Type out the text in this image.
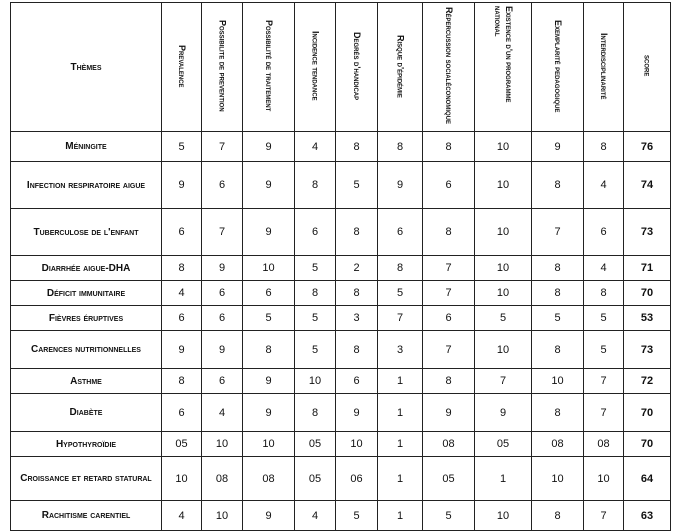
Thèmes	Prevalence	Possibilite de prevention	Possibilité de traitement	Incidence tendance	Degrés d'handicap	Risque d'épidémie	Répercussion socialéconomique	Existence d'un programme national	Exemplarité pedagogique	Interdisciplinarité	score
Méningite	5	7	9	4	8	8	8	10	9	8	76
Infection respiratoire aigue	9	6	9	8	5	9	6	10	8	4	74
Tuberculose de l'enfant	6	7	9	6	8	6	8	10	7	6	73
Diarrhée aigue-DHA	8	9	10	5	2	8	7	10	8	4	71
Déficit immunitaire	4	6	6	8	8	5	7	10	8	8	70
Fièvres éruptives	6	6	5	5	3	7	6	5	5	5	53
Carences nutritionnelles	9	9	8	5	8	3	7	10	8	5	73
Asthme	8	6	9	10	6	1	8	7	10	7	72
Diabète	6	4	9	8	9	1	9	9	8	7	70
Hypothyroïdie	05	10	10	05	10	1	08	05	08	08	70
Croissance et retard statural	10	08	08	05	06	1	05	1	10	10	64
Rachitisme carentiel	4	10	9	4	5	1	5	10	8	7	63
